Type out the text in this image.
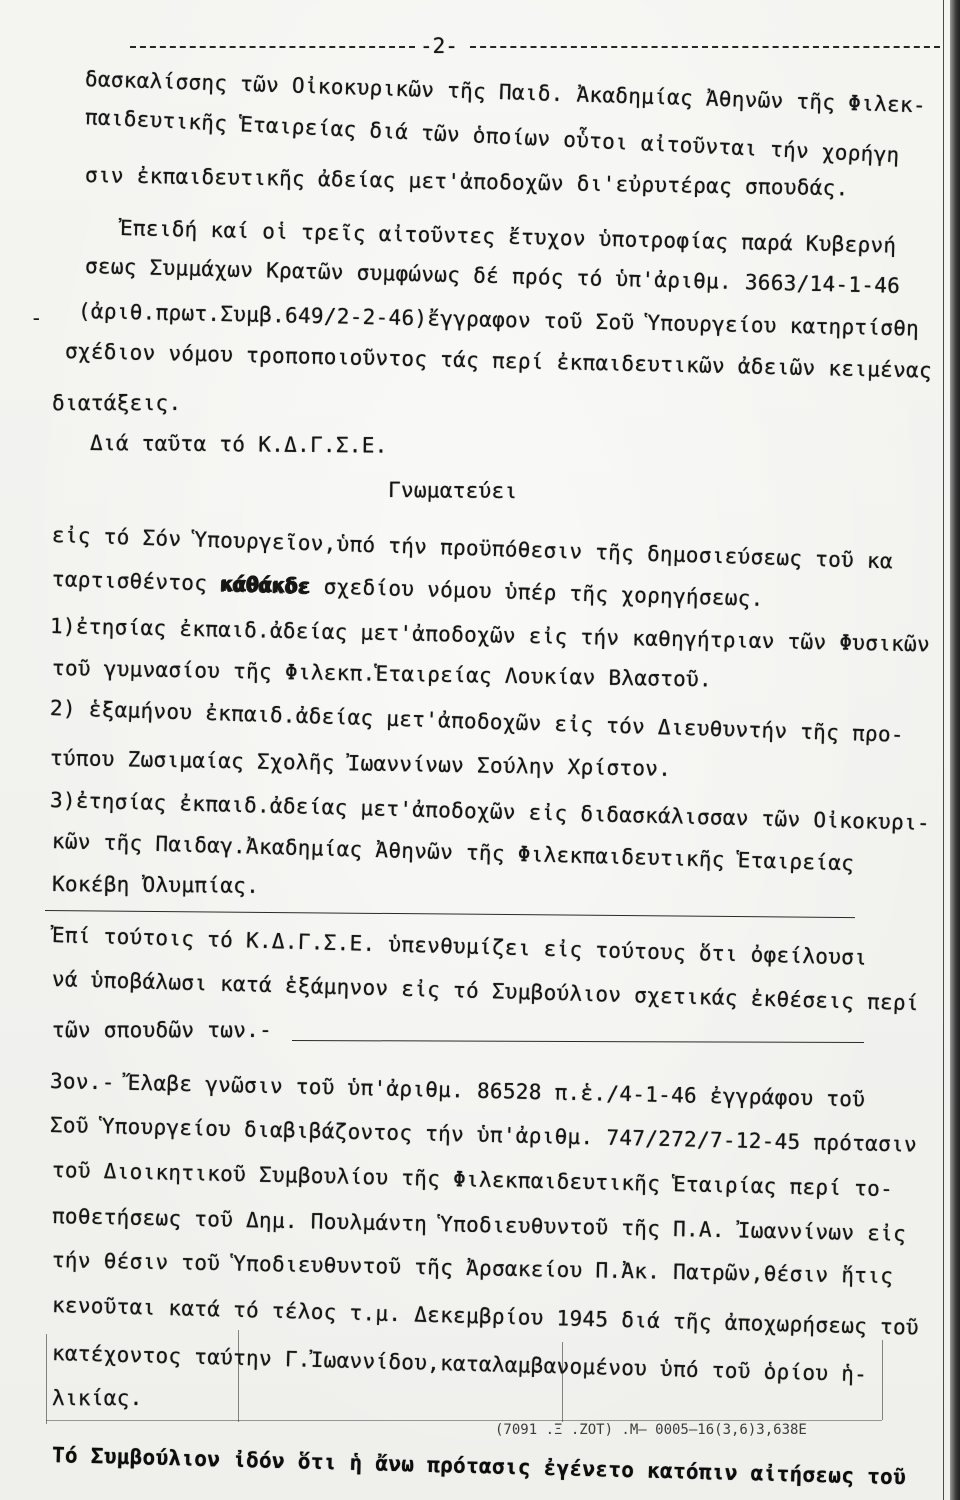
-2-
-
δασκαλίσσης τῶν Οἰκοκυρικῶν τῆς Παιδ. Ἀκαδημίας Ἀθηνῶν τῆς Φιλεκ-
παιδευτικῆς Ἑταιρείας διά τῶν ὁποίων οὗτοι αἰτοῦνται τήν χορήγη
σιν ἐκπαιδευτικῆς ἀδείας μετ'ἀποδοχῶν δι'εὐρυτέρας σπουδάς.
Ἐπειδή καί οἱ τρεῖς αἰτοῦντες ἔτυχον ὑποτροφίας παρά Κυβερνή
σεως Συμμάχων Κρατῶν συμφώνως δέ πρός τό ὑπ'ἀριθμ. 3663/14-1-46
(ἀριθ.πρωτ.Συμβ.649/2-2-46)ἔγγραφον τοῦ Σοῦ Ὑπουργείου κατηρτίσθη
σχέδιον νόμου τροποποιοῦντος τάς περί ἐκπαιδευτικῶν ἀδειῶν κειμένας
διατάξεις.
Διά ταῦτα τό Κ.Δ.Γ.Σ.Ε.
Γνωματεύει
εἰς τό Σόν Ὑπουργεῖον,ὑπό τήν προϋπόθεσιν τῆς δημοσιεύσεως τοῦ κα
ταρτισθέντος κάθάκδε σχεδίου νόμου ὑπέρ τῆς χορηγήσεως.
1)ἐτησίας ἐκπαιδ.ἀδείας μετ'ἀποδοχῶν εἰς τήν καθηγήτριαν τῶν Φυσικῶν
τοῦ γυμνασίου τῆς Φιλεκπ.Ἑταιρείας Λουκίαν Βλαστοῦ.
2) ἑξαμήνου ἐκπαιδ.ἀδείας μετ'ἀποδοχῶν εἰς τόν Διευθυντήν τῆς προ-
τύπου Ζωσιμαίας Σχολῆς Ἰωαννίνων Σούλην Χρίστον.
3)ἐτησίας ἐκπαιδ.ἀδείας μετ'ἀποδοχῶν εἰς διδασκάλισσαν τῶν Οἰκοκυρι-
κῶν τῆς Παιδαγ.Ἀκαδημίας Ἀθηνῶν τῆς Φιλεκπαιδευτικῆς Ἑταιρείας
Κοκέβη Ὀλυμπίας.
Ἐπί τούτοις τό Κ.Δ.Γ.Σ.Ε. ὑπενθυμίζει εἰς τούτους ὅτι ὀφείλουσι
νά ὑποβάλωσι κατά ἑξάμηνον εἰς τό Συμβούλιον σχετικάς ἐκθέσεις περί
τῶν σπουδῶν των.-
3ον.- Ἔλαβε γνῶσιν τοῦ ὑπ'ἀριθμ. 86528 π.ἑ./4-1-46 ἐγγράφου τοῦ
Σοῦ Ὑπουργείου διαβιβάζοντος τήν ὑπ'ἀριθμ. 747/272/7-12-45 πρότασιν
τοῦ Διοικητικοῦ Συμβουλίου τῆς Φιλεκπαιδευτικῆς Ἑταιρίας περί το-
ποθετήσεως τοῦ Δημ. Πουλμάντη Ὑποδιευθυντοῦ τῆς Π.Α. Ἰωαννίνων εἰς
τήν θέσιν τοῦ Ὑποδιευθυντοῦ τῆς Ἀρσακείου Π.Ἀκ. Πατρῶν,θέσιν ἥτις
κενοῦται κατά τό τέλος τ.μ. Δεκεμβρίου 1945 διά τῆς ἀποχωρήσεως τοῦ
κατέχοντος ταύτην Γ.Ἰωαννίδου,καταλαμβανομένου ὑπό τοῦ ὁρίου ἡ-
λικίας.
(7091 .Ξ .ΖΟΤ) .Μ– 0005–16(3,6)3,638Ε
Τό Συμβούλιον ἰδόν ὅτι ἡ ἄνω πρότασις ἐγένετο κατόπιν αἰτήσεως τοῦ
